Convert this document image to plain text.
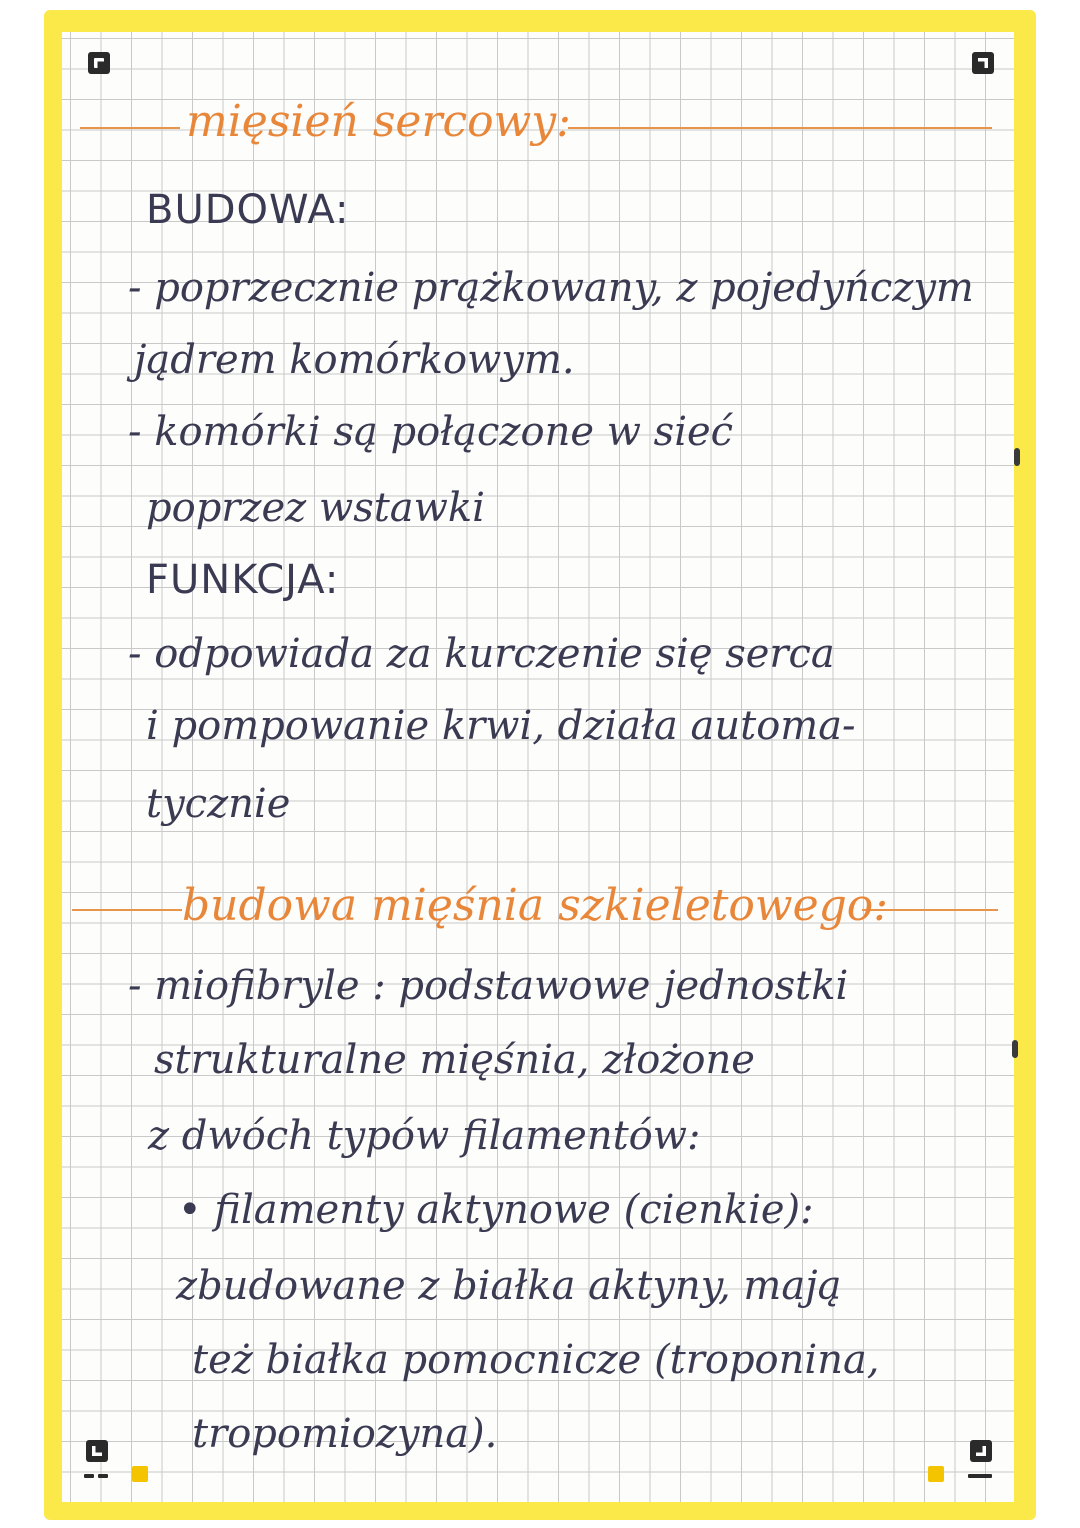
mięsień sercowy:
BUDOWA:
- poprzecznie prążkowany, z pojedyńczym
jądrem komórkowym.
- komórki są połączone w sieć
poprzez wstawki
FUNKCJA:
- odpowiada za kurczenie się serca
i pompowanie krwi, działa automa-
tycznie
budowa mięśnia szkieletowego:
- miofibryle : podstawowe jednostki
strukturalne mięśnia, złożone
z dwóch typów filamentów:
• filamenty aktynowe (cienkie):
zbudowane z białka aktyny, mają
też białka pomocnicze (troponina,
tropomiozyna).
